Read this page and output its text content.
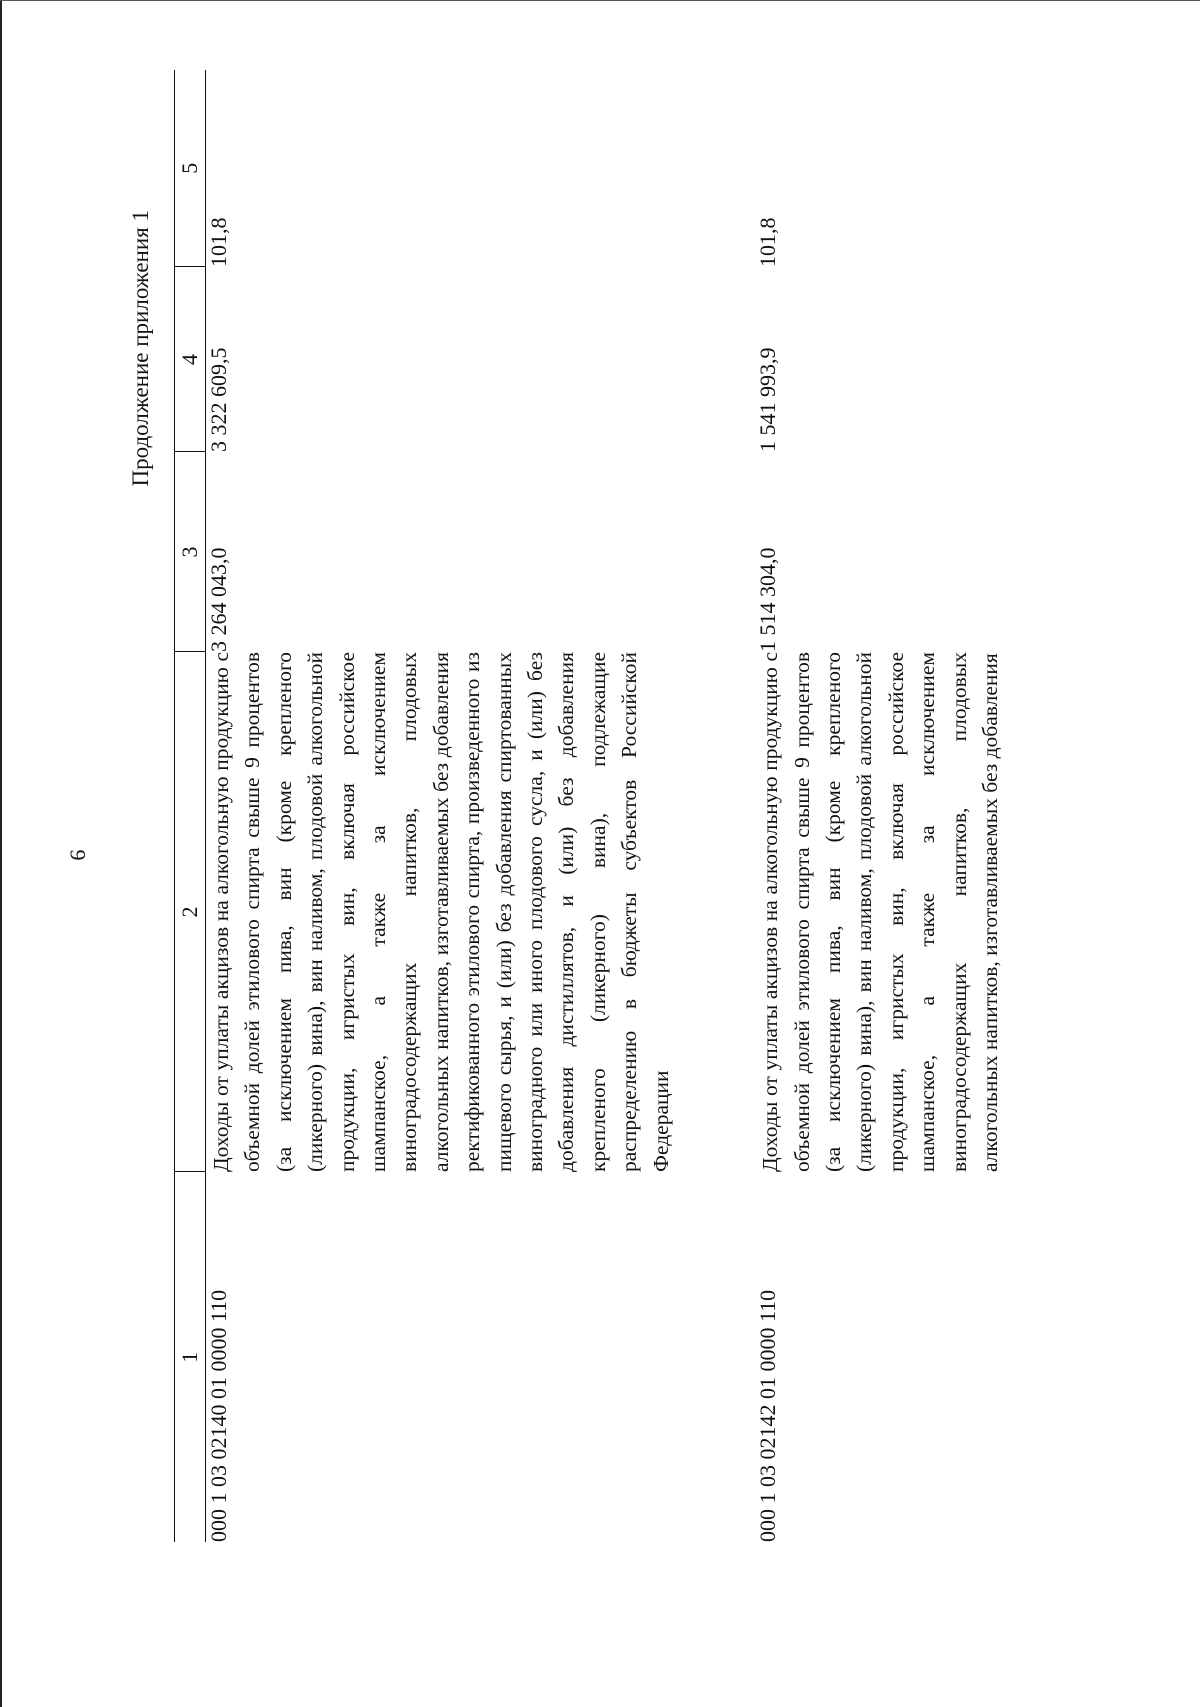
9
Продолжение приложения 1
1	2	3	4	5
000 1 03 02140 01 0000 110	Доходы от уплаты акцизов на алкогольную продукцию с объемной долей этилового спирта свыше 9 процентов (за исключением пива, вин (кроме крепленого (ликерного) вина), вин наливом, плодовой алкогольной продукции, игристых вин, включая российское шампанское, а также за исключением виноградосодержащих напитков, плодовых алкогольных напитков, изготавливаемых без добавления ректификованного этилового спирта, произведенного из пищевого сырья, и (или) без добавления спиртованных виноградного или иного плодового сусла, и (или) без добавления дистиллятов, и (или) без добавления крепленого (ликерного) вина), подлежащие распределению в бюджеты субъектов Российской Федерации	3 264 043,0	3 322 609,5	101,8

000 1 03 02142 01 0000 110	Доходы от уплаты акцизов на алкогольную продукцию с объемной долей этилового спирта свыше 9 процентов (за исключением пива, вин (кроме крепленого (ликерного) вина), вин наливом, плодовой алкогольной продукции, игристых вин, включая российское шампанское, а также за исключением виноградосодержащих напитков, плодовых алкогольных напитков, изготавливаемых без добавления	1 514 304,0	1 541 993,9	101,8
